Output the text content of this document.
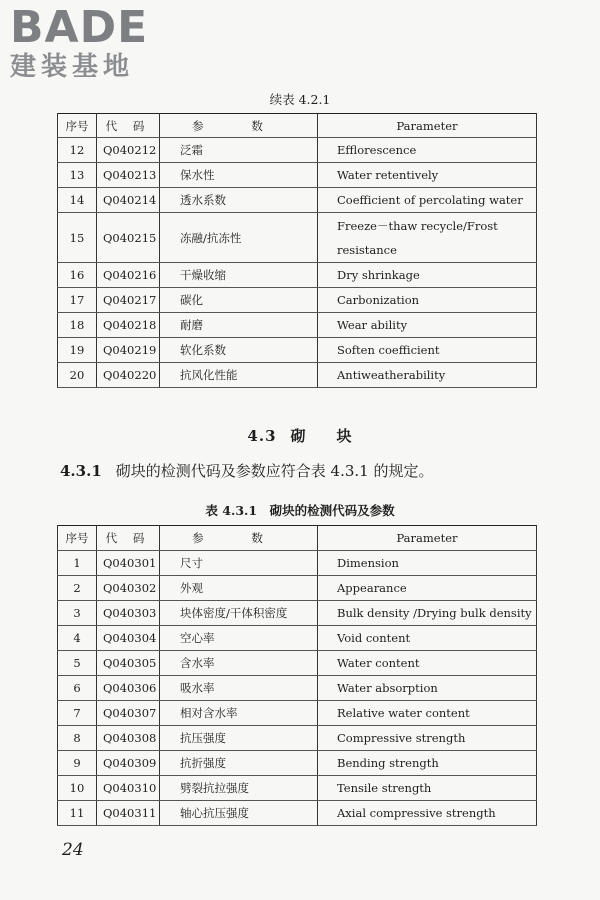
BADE
建装基地
续表 4.2.1
序号	代 码	参 数	Parameter
12	Q040212	泛霜	Efflorescence
13	Q040213	保水性	Water retentively
14	Q040214	透水系数	Coefficient of percolating water
15	Q040215	冻融/抗冻性	Freeze－thaw recycle/Frost resistance
16	Q040216	干燥收缩	Dry shrinkage
17	Q040217	碳化	Carbonization
18	Q040218	耐磨	Wear ability
19	Q040219	软化系数	Soften coefficient
20	Q040220	抗风化性能	Antiweatherability
4.3 砌 块
4.3.1 砌块的检测代码及参数应符合表 4.3.1 的规定。
表 4.3.1　砌块的检测代码及参数
序号	代 码	参 数	Parameter
1	Q040301	尺寸	Dimension
2	Q040302	外观	Appearance
3	Q040303	块体密度/干体积密度	Bulk density /Drying bulk density
4	Q040304	空心率	Void content
5	Q040305	含水率	Water content
6	Q040306	吸水率	Water absorption
7	Q040307	相对含水率	Relative water content
8	Q040308	抗压强度	Compressive strength
9	Q040309	抗折强度	Bending strength
10	Q040310	劈裂抗拉强度	Tensile strength
11	Q040311	轴心抗压强度	Axial compressive strength
24
